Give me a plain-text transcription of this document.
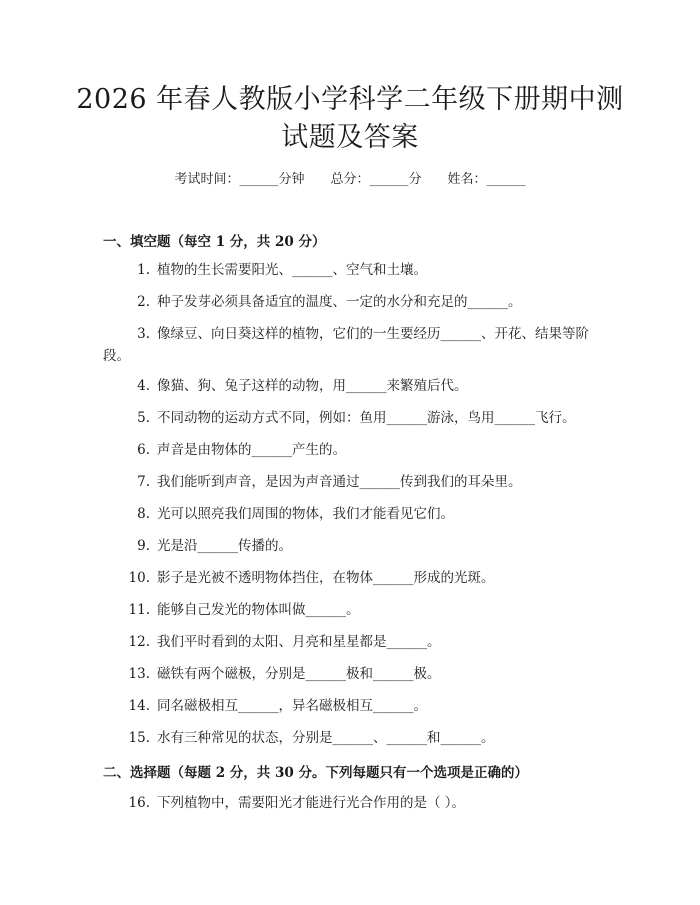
2026 年春人教版小学科学二年级下册期中测
试题及答案
考试时间：______分钟 总分：______分 姓名：______
一、填空题（每空 1 分，共 20 分）
1. 植物的生长需要阳光、______、空气和土壤。
2. 种子发芽必须具备适宜的温度、一定的水分和充足的______。
3. 像绿豆、向日葵这样的植物，它们的一生要经历______、开花、结果等阶
段。
4. 像猫、狗、兔子这样的动物，用______来繁殖后代。
5. 不同动物的运动方式不同，例如：鱼用______游泳，鸟用______飞行。
6. 声音是由物体的______产生的。
7. 我们能听到声音，是因为声音通过______传到我们的耳朵里。
8. 光可以照亮我们周围的物体，我们才能看见它们。
9. 光是沿______传播的。
10. 影子是光被不透明物体挡住，在物体______形成的光斑。
11. 能够自己发光的物体叫做______。
12. 我们平时看到的太阳、月亮和星星都是______。
13. 磁铁有两个磁极，分别是______极和______极。
14. 同名磁极相互______，异名磁极相互______。
15. 水有三种常见的状态，分别是______、______和______。
二、选择题（每题 2 分，共 30 分。下列每题只有一个选项是正确的）
16. 下列植物中，需要阳光才能进行光合作用的是（ ）。
